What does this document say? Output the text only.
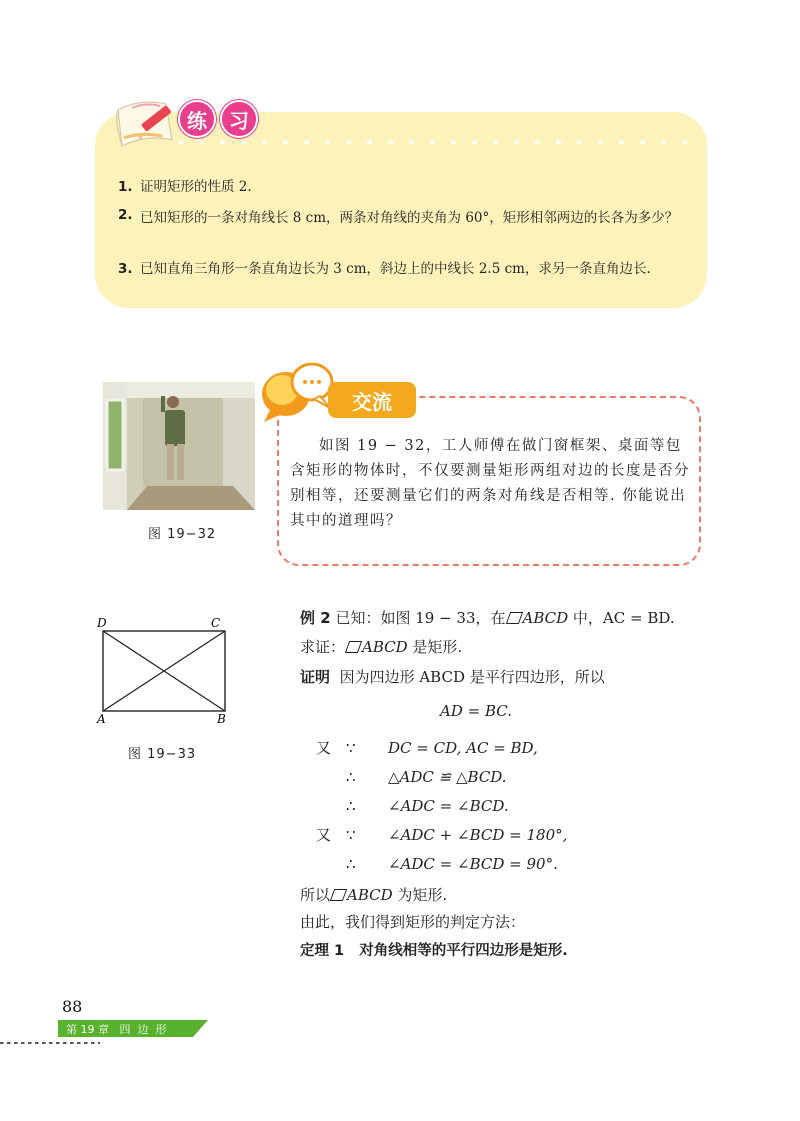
练	习
1. 证明矩形的性质 2.
2. 已知矩形的一条对角线长 8 cm，两条对角线的夹角为 60°，矩形相邻两边的长各为多少？
3. 已知直角三角形一条直角边长为 3 cm，斜边上的中线长 2.5 cm，求另一条直角边长.
图 19−32
交流
如图 19 − 32，工人师傅在做门窗框架、桌面等包含矩形的物体时，不仅要测量矩形两组对边的长度是否分别相等，还要测量它们的两条对角线是否相等. 你能说出其中的道理吗？
D	C
A	B
图 19−33
例 2 已知：如图 19 − 33，在 ABCD 中，AC = BD.
求证： ABCD 是矩形.
证明 因为四边形 ABCD 是平行四边形，所以
AD = BC.
又 ∵ DC = CD, AC = BD,
∴ △ADC ≌ △BCD.
∴ ∠ADC = ∠BCD.
又 ∵ ∠ADC + ∠BCD = 180°,
∴ ∠ADC = ∠BCD = 90°.
所以 ABCD 为矩形.
由此，我们得到矩形的判定方法：
定理 1 对角线相等的平行四边形是矩形.
88
第 19 章   四  边  形
